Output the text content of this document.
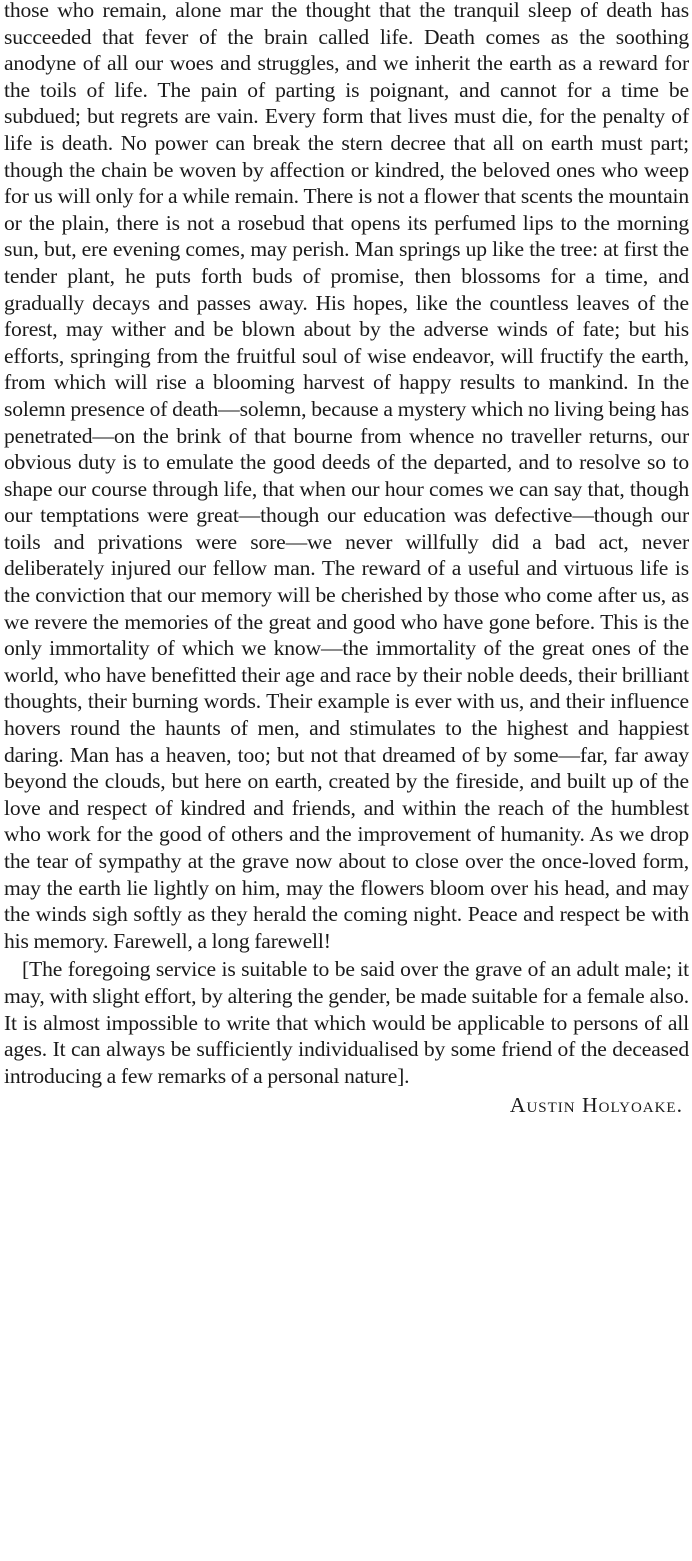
those who remain, alone mar the thought that the tranquil sleep of death has succeeded that fever of the brain called life. Death comes as the soothing anodyne of all our woes and struggles, and we inherit the earth as a reward for the toils of life. The pain of parting is poignant, and cannot for a time be subdued; but regrets are vain. Every form that lives must die, for the penalty of life is death. No power can break the stern decree that all on earth must part; though the chain be woven by affection or kindred, the beloved ones who weep for us will only for a while remain. There is not a flower that scents the mountain or the plain, there is not a rosebud that opens its perfumed lips to the morning sun, but, ere evening comes, may perish. Man springs up like the tree: at first the tender plant, he puts forth buds of promise, then blossoms for a time, and gradually decays and passes away. His hopes, like the countless leaves of the forest, may wither and be blown about by the adverse winds of fate; but his efforts, springing from the fruitful soul of wise endeavor, will fructify the earth, from which will rise a blooming harvest of happy results to mankind. In the solemn presence of death—solemn, because a mystery which no living being has penetrated—on the brink of that bourne from whence no traveller returns, our obvious duty is to emulate the good deeds of the departed, and to resolve so to shape our course through life, that when our hour comes we can say that, though our temptations were great—though our education was defective—though our toils and privations were sore—we never willfully did a bad act, never deliberately injured our fellow man. The reward of a useful and virtuous life is the conviction that our memory will be cherished by those who come after us, as we revere the memories of the great and good who have gone before. This is the only immortality of which we know—the immortality of the great ones of the world, who have benefitted their age and race by their noble deeds, their brilliant thoughts, their burning words. Their example is ever with us, and their influence hovers round the haunts of men, and stimulates to the highest and happiest daring. Man has a heaven, too; but not that dreamed of by some—far, far away beyond the clouds, but here on earth, created by the fireside, and built up of the love and respect of kindred and friends, and within the reach of the humblest who work for the good of others and the improvement of humanity. As we drop the tear of sympathy at the grave now about to close over the once-loved form, may the earth lie lightly on him, may the flowers bloom over his head, and may the winds sigh softly as they herald the coming night. Peace and respect be with his memory. Farewell, a long farewell!

[The foregoing service is suitable to be said over the grave of an adult male; it may, with slight effort, by altering the gender, be made suitable for a female also. It is almost impossible to write that which would be applicable to persons of all ages. It can always be sufficiently individualised by some friend of the deceased introducing a few remarks of a personal nature].

Austin Holyoake.
